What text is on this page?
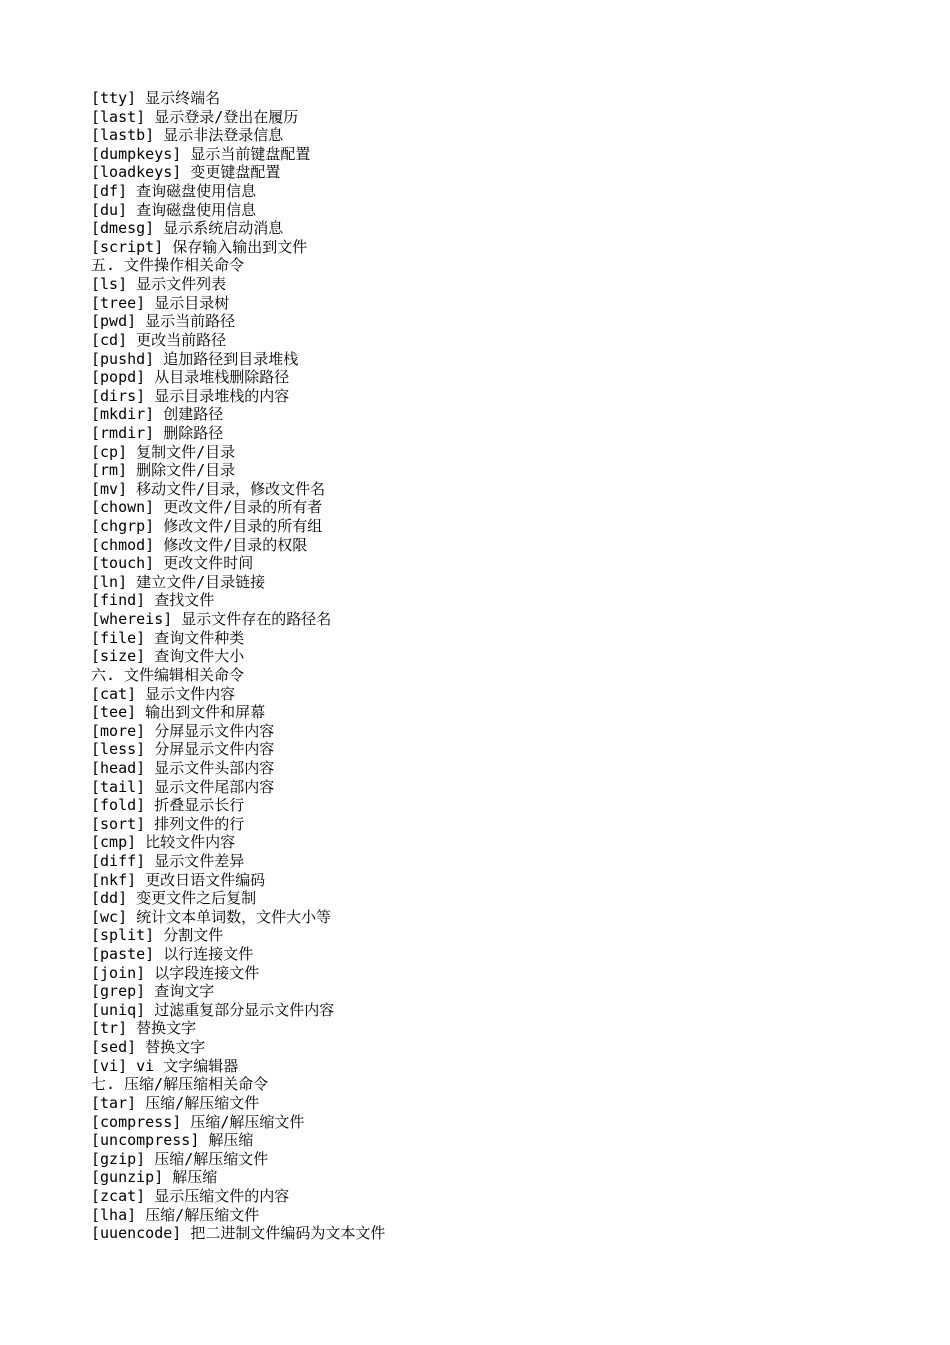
[tty] 显示终端名
[last] 显示登录/登出在履历
[lastb] 显示非法登录信息
[dumpkeys] 显示当前键盘配置
[loadkeys] 变更键盘配置
[df] 查询磁盘使用信息
[du] 查询磁盘使用信息
[dmesg] 显示系统启动消息
[script] 保存输入输出到文件
五. 文件操作相关命令
[ls] 显示文件列表
[tree] 显示目录树
[pwd] 显示当前路径
[cd] 更改当前路径
[pushd] 追加路径到目录堆栈
[popd] 从目录堆栈删除路径
[dirs] 显示目录堆栈的内容
[mkdir] 创建路径
[rmdir] 删除路径
[cp] 复制文件/目录
[rm] 删除文件/目录
[mv] 移动文件/目录，修改文件名
[chown] 更改文件/目录的所有者
[chgrp] 修改文件/目录的所有组
[chmod] 修改文件/目录的权限
[touch] 更改文件时间
[ln] 建立文件/目录链接
[find] 查找文件
[whereis] 显示文件存在的路径名
[file] 查询文件种类
[size] 查询文件大小
六. 文件编辑相关命令
[cat] 显示文件内容
[tee] 输出到文件和屏幕
[more] 分屏显示文件内容
[less] 分屏显示文件内容
[head] 显示文件头部内容
[tail] 显示文件尾部内容
[fold] 折叠显示长行
[sort] 排列文件的行
[cmp] 比较文件内容
[diff] 显示文件差异
[nkf] 更改日语文件编码
[dd] 变更文件之后复制
[wc] 统计文本单词数，文件大小等
[split] 分割文件
[paste] 以行连接文件
[join] 以字段连接文件
[grep] 查询文字
[uniq] 过滤重复部分显示文件内容
[tr] 替换文字
[sed] 替换文字
[vi] vi 文字编辑器
七. 压缩/解压缩相关命令
[tar] 压缩/解压缩文件
[compress] 压缩/解压缩文件
[uncompress] 解压缩
[gzip] 压缩/解压缩文件
[gunzip] 解压缩
[zcat] 显示压缩文件的内容
[lha] 压缩/解压缩文件
[uuencode] 把二进制文件编码为文本文件
